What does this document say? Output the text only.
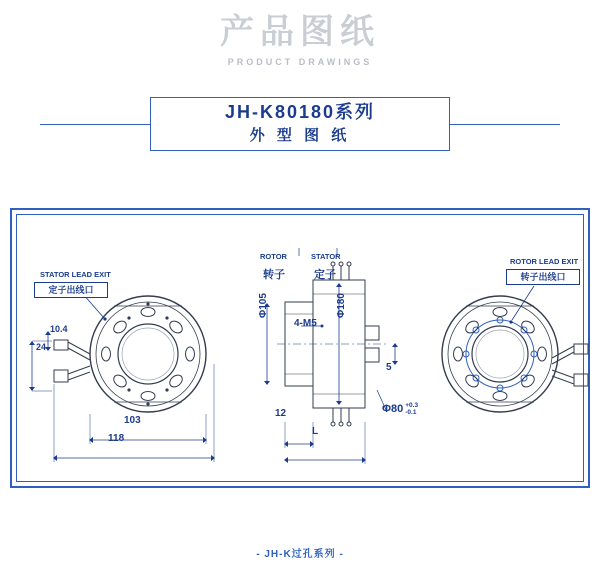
产品图纸
PRODUCT DRAWINGS
JH-K80180系列
外 型 图 纸
STATOR LEAD EXIT
定子出线口
24
10.4
103
118
ROTOR	STATOR
转子	定子
Φ105	Φ180
4-M5
5
12
L
Φ80 +0.3
-0.1
ROTOR LEAD EXIT
转子出线口
- JH-K过孔系列 -
